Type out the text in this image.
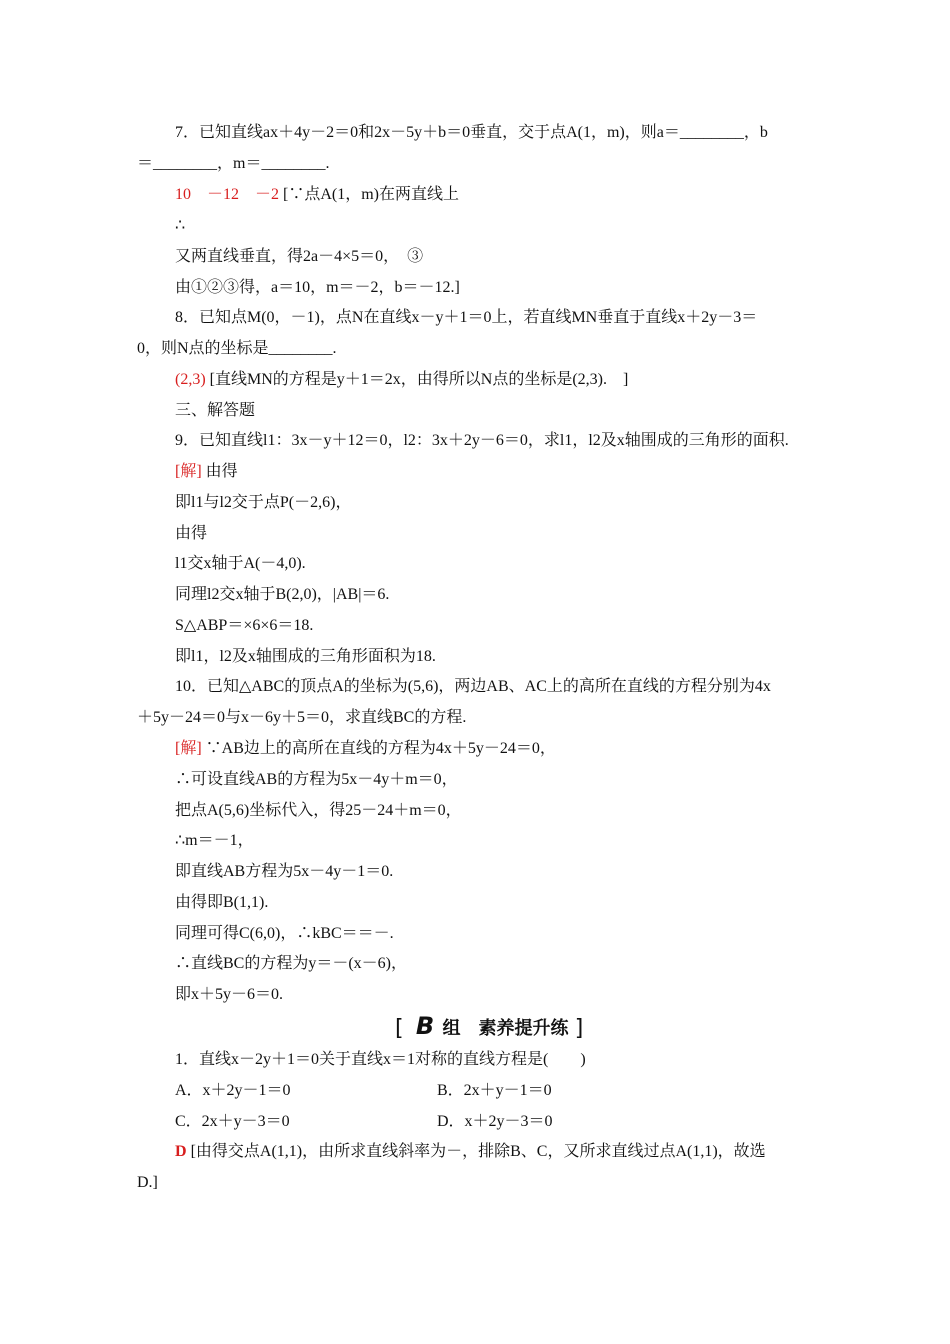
7．已知直线ax＋4y－2＝0和2x－5y＋b＝0垂直，交于点A(1，m)，则a＝________，b
＝________，m＝________.
10　－12　－2 [∵点A(1，m)在两直线上
∴
又两直线垂直，得2a－4×5＝0，　③
由①②③得，a＝10，m＝－2，b＝－12.]
8．已知点M(0，－1)，点N在直线x－y＋1＝0上，若直线MN垂直于直线x＋2y－3＝
0，则N点的坐标是________.
(2,3) [直线MN的方程是y＋1＝2x，由得所以N点的坐标是(2,3).　]
三、解答题
9．已知直线l1：3x－y＋12＝0，l2：3x＋2y－6＝0，求l1，l2及x轴围成的三角形的面积.
[解] 由得
即l1与l2交于点P(－2,6)，
由得
l1交x轴于A(－4,0).
同理l2交x轴于B(2,0)，|AB|＝6.
S△ABP＝×6×6＝18.
即l1，l2及x轴围成的三角形面积为18.
10．已知△ABC的顶点A的坐标为(5,6)，两边AB、AC上的高所在直线的方程分别为4x
＋5y－24＝0与x－6y＋5＝0，求直线BC的方程.
[解] ∵AB边上的高所在直线的方程为4x＋5y－24＝0，
∴可设直线AB的方程为5x－4y＋m＝0，
把点A(5,6)坐标代入，得25－24＋m＝0，
∴m＝－1，
即直线AB方程为5x－4y－1＝0.
由得即B(1,1).
同理可得C(6,0)，∴kBC＝＝－.
∴直线BC的方程为y＝－(x－6)，
即x＋5y－6＝0.
[ B 组　素养提升练 ]
1．直线x－2y＋1＝0关于直线x＝1对称的直线方程是(　　)
A．x＋2y－1＝0	B．2x＋y－1＝0
C．2x＋y－3＝0	D．x＋2y－3＝0
D [由得交点A(1,1)，由所求直线斜率为－，排除B、C，又所求直线过点A(1,1)，故选
D.]
